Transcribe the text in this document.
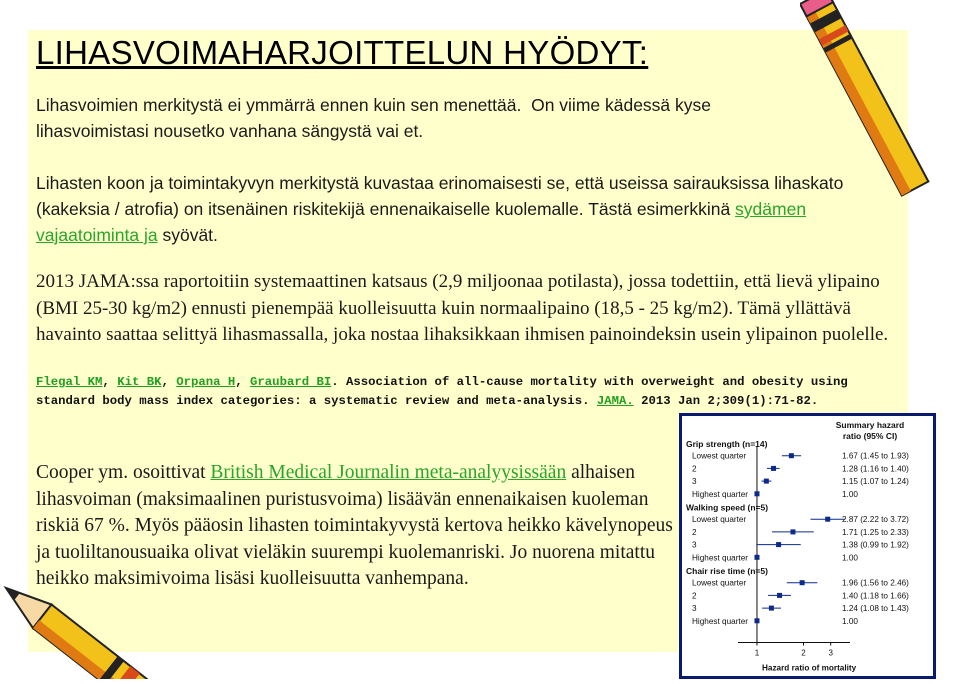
LIHASVOIMAHARJOITTELUN HYÖDYT:
Lihasvoimien merkitystä ei ymmärrä ennen kuin sen menettää.  On viime kädessä kyse
lihasvoimistasi nousetko vanhana sängystä vai et.
Lihasten koon ja toimintakyvyn merkitystä kuvastaa erinomaisesti se, että useissa sairauksissa lihaskato (kakeksia / atrofia) on itsenäinen riskitekijä ennenaikaiselle kuolemalle. Tästä esimerkkinä sydämen vajaatoiminta ja syövät.
2013 JAMA:ssa raportoitiin systemaattinen katsaus (2,9 miljoonaa potilasta), jossa todettiin, että lievä ylipaino (BMI 25-30 kg/m2) ennusti pienempää kuolleisuutta kuin normaalipaino (18,5 - 25 kg/m2). Tämä yllättävä havainto saattaa selittyä lihasmassalla, joka nostaa lihaksikkaan ihmisen painoindeksin usein ylipainon puolelle.
Flegal KM, Kit BK, Orpana H, Graubard BI. Association of all-cause mortality with overweight and obesity using standard body mass index categories: a systematic review and meta-analysis. JAMA. 2013 Jan 2;309(1):71-82.
Cooper ym. osoittivat British Medical Journalin meta-analyysissään alhaisen lihasvoiman (maksimaalinen puristusvoima) lisäävän ennenaikaisen kuoleman riskiä 67 %. Myös pääosin lihasten toimintakyvystä kertova heikko kävelynopeus ja tuoliltanousuaika olivat vieläkin suurempi kuolemanriski. Jo nuorena mitattu heikko maksimivoima lisäsi kuolleisuutta vanhempana.
Summary hazard
ratio (95% CI)
Grip strength (n=14)
Lowest quarter	1.67 (1.45 to 1.93)
2	1.28 (1.16 to 1.40)
3	1.15 (1.07 to 1.24)
Highest quarter	1.00
Walking speed (n=5)
Lowest quarter	2.87 (2.22 to 3.72)
2	1.71 (1.25 to 2.33)
3	1.38 (0.99 to 1.92)
Highest quarter	1.00
Chair rise time (n=5)
Lowest quarter	1.96 (1.56 to 2.46)
2	1.40 (1.18 to 1.66)
3	1.24 (1.08 to 1.43)
Highest quarter	1.00
1	2	3
Hazard ratio of mortality
